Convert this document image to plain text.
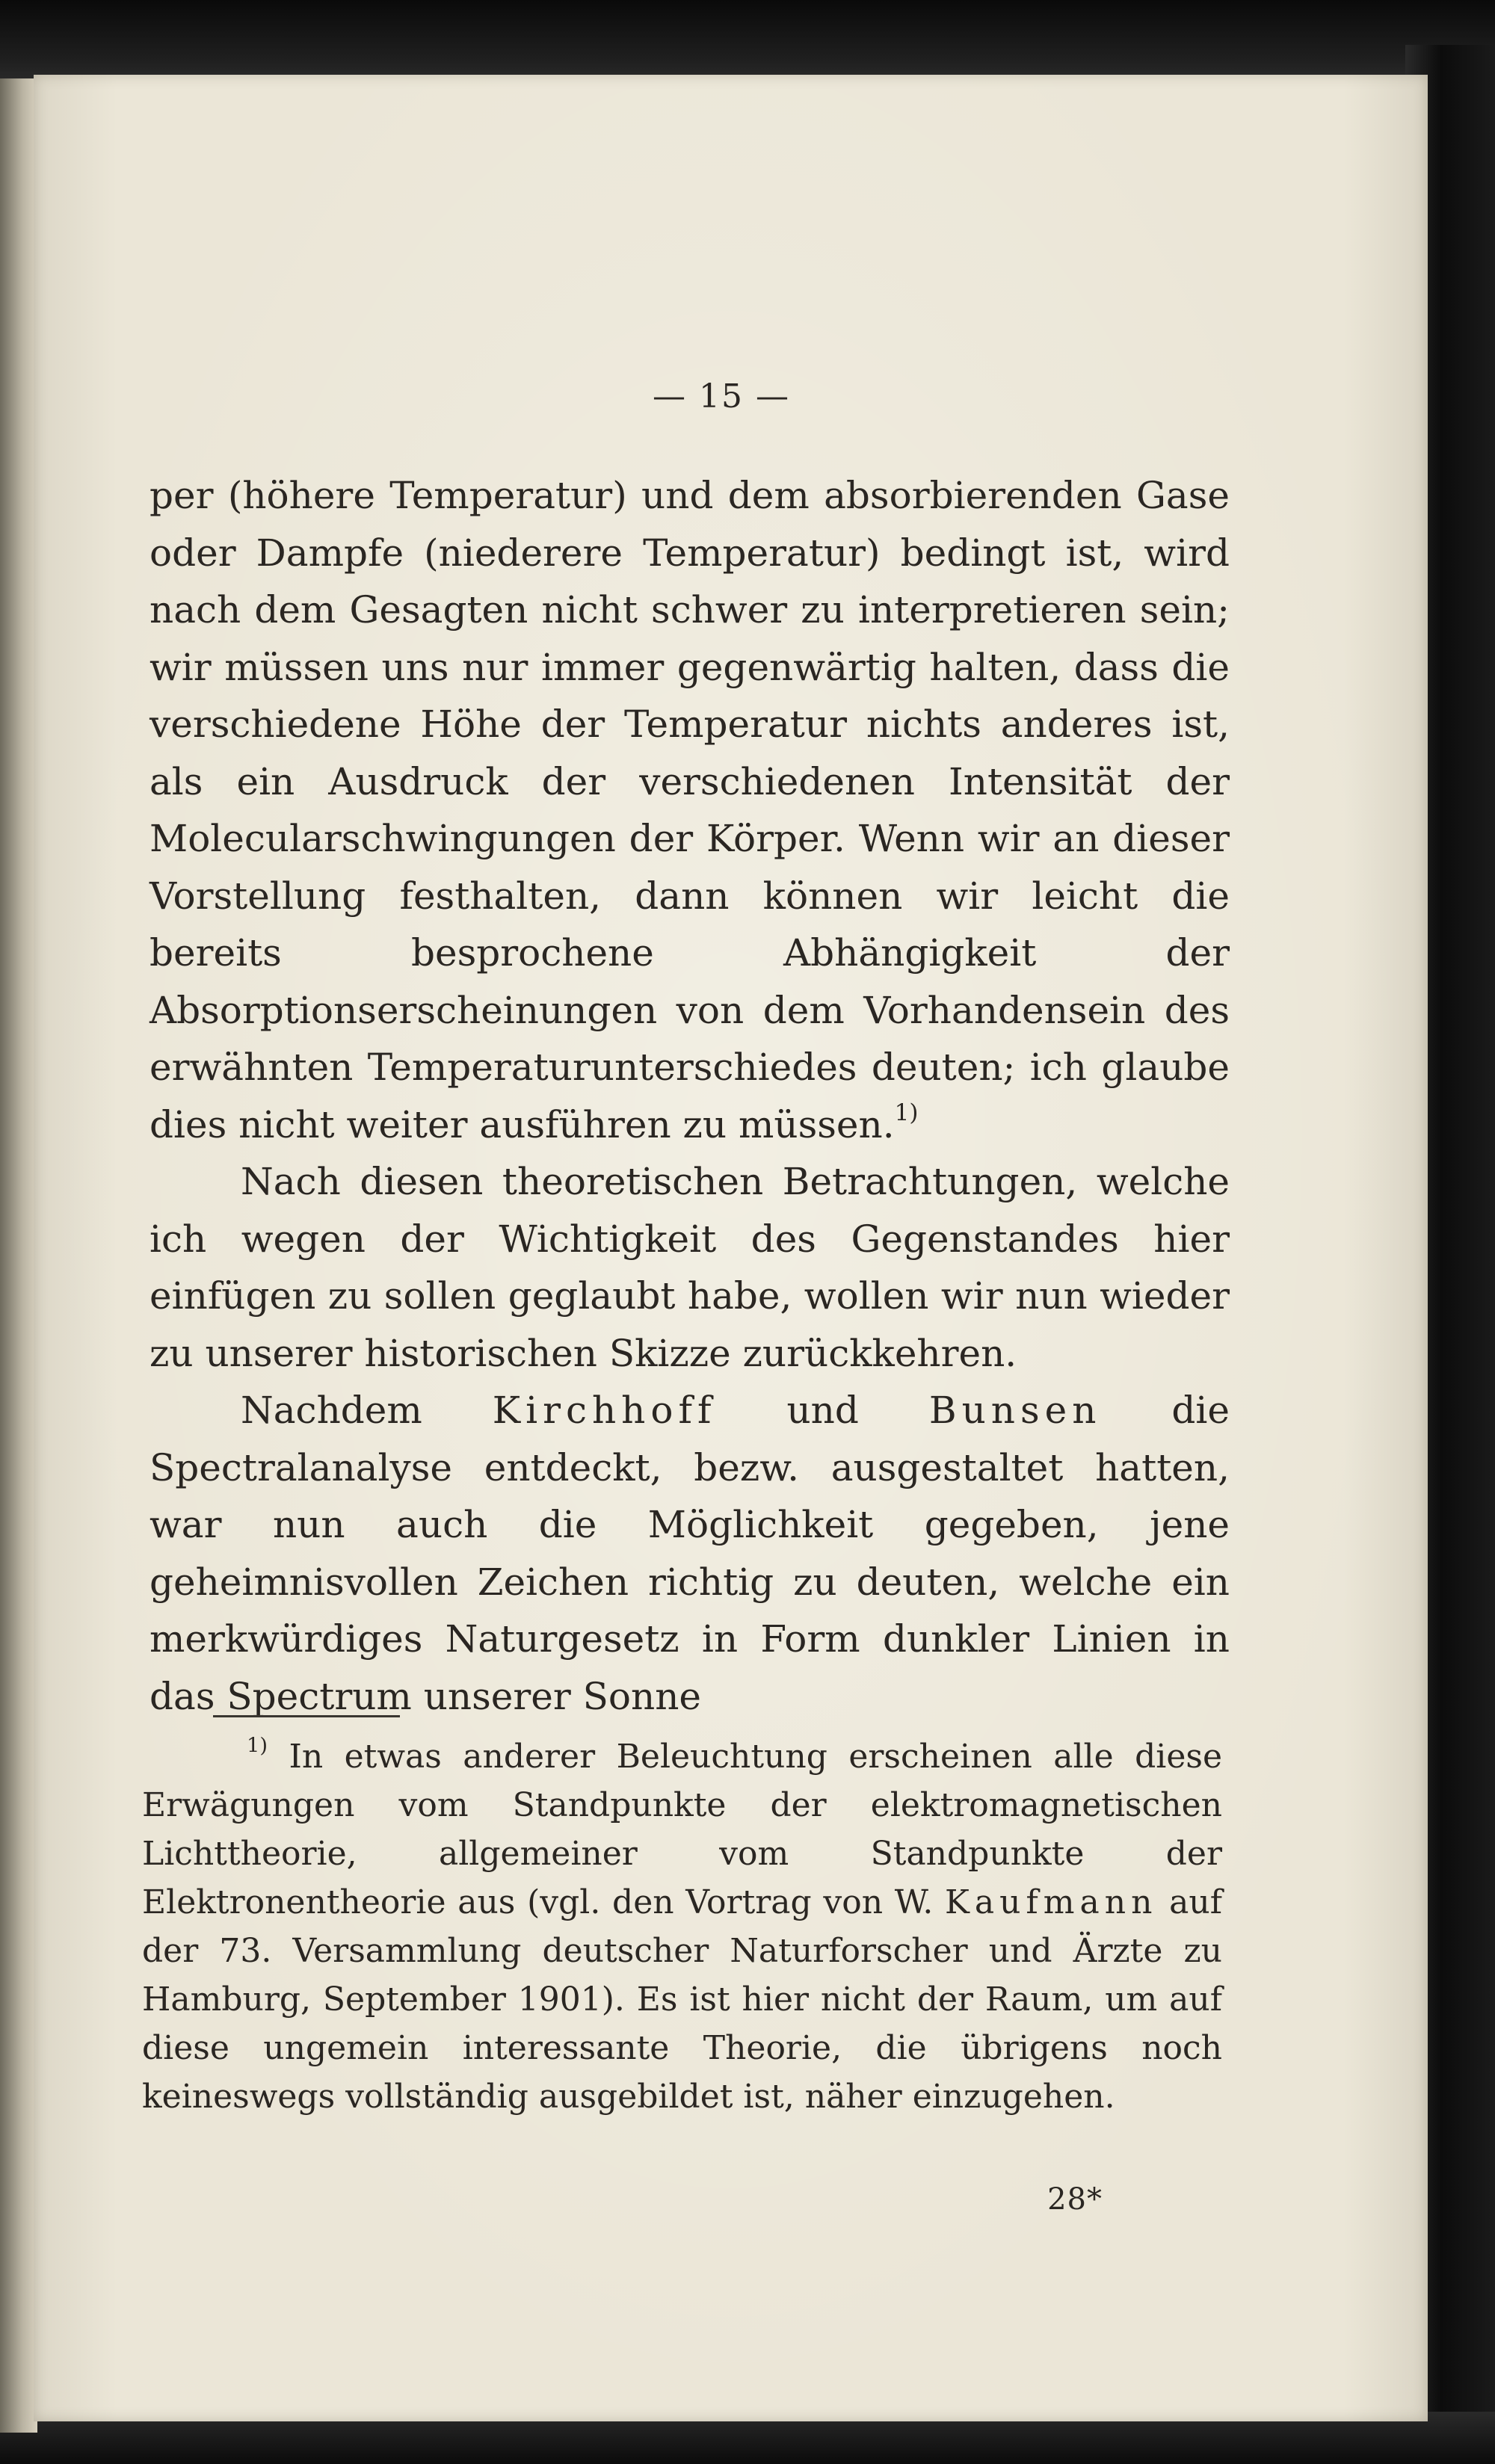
— 15 —

per (höhere Temperatur) und dem absorbierenden Gase oder Dampfe (niederere Temperatur) bedingt ist, wird nach dem Gesagten nicht schwer zu interpretieren sein; wir müssen uns nur immer gegenwärtig halten, dass die verschiedene Höhe der Temperatur nichts anderes ist, als ein Ausdruck der verschiedenen Intensität der Molecularschwingungen der Körper. Wenn wir an dieser Vorstellung festhalten, dann können wir leicht die bereits besprochene Abhängigkeit der Absorptionserscheinungen von dem Vorhandensein des erwähnten Temperaturunterschiedes deuten; ich glaube dies nicht weiter ausführen zu müssen.$^{1)}$

Nach diesen theoretischen Betrachtungen, welche ich wegen der Wichtigkeit des Gegenstandes hier einfügen zu sollen geglaubt habe, wollen wir nun wieder zu unserer historischen Skizze zurückkehren.

Nachdem Kirchhoff und Bunsen die Spectralanalyse entdeckt, bezw. ausgestaltet hatten, war nun auch die Möglichkeit gegeben, jene geheimnisvollen Zeichen richtig zu deuten, welche ein merkwürdiges Naturgesetz in Form dunkler Linien in das Spectrum unserer Sonne

$^{1)}$ In etwas anderer Beleuchtung erscheinen alle diese Erwägungen vom Standpunkte der elektromagnetischen Lichttheorie, allgemeiner vom Standpunkte der Elektronentheorie aus (vgl. den Vortrag von W. Kaufmann auf der 73. Versammlung deutscher Naturforscher und Ärzte zu Hamburg, September 1901). Es ist hier nicht der Raum, um auf diese ungemein interessante Theorie, die übrigens noch keineswegs vollständig ausgebildet ist, näher einzugehen.

28*
